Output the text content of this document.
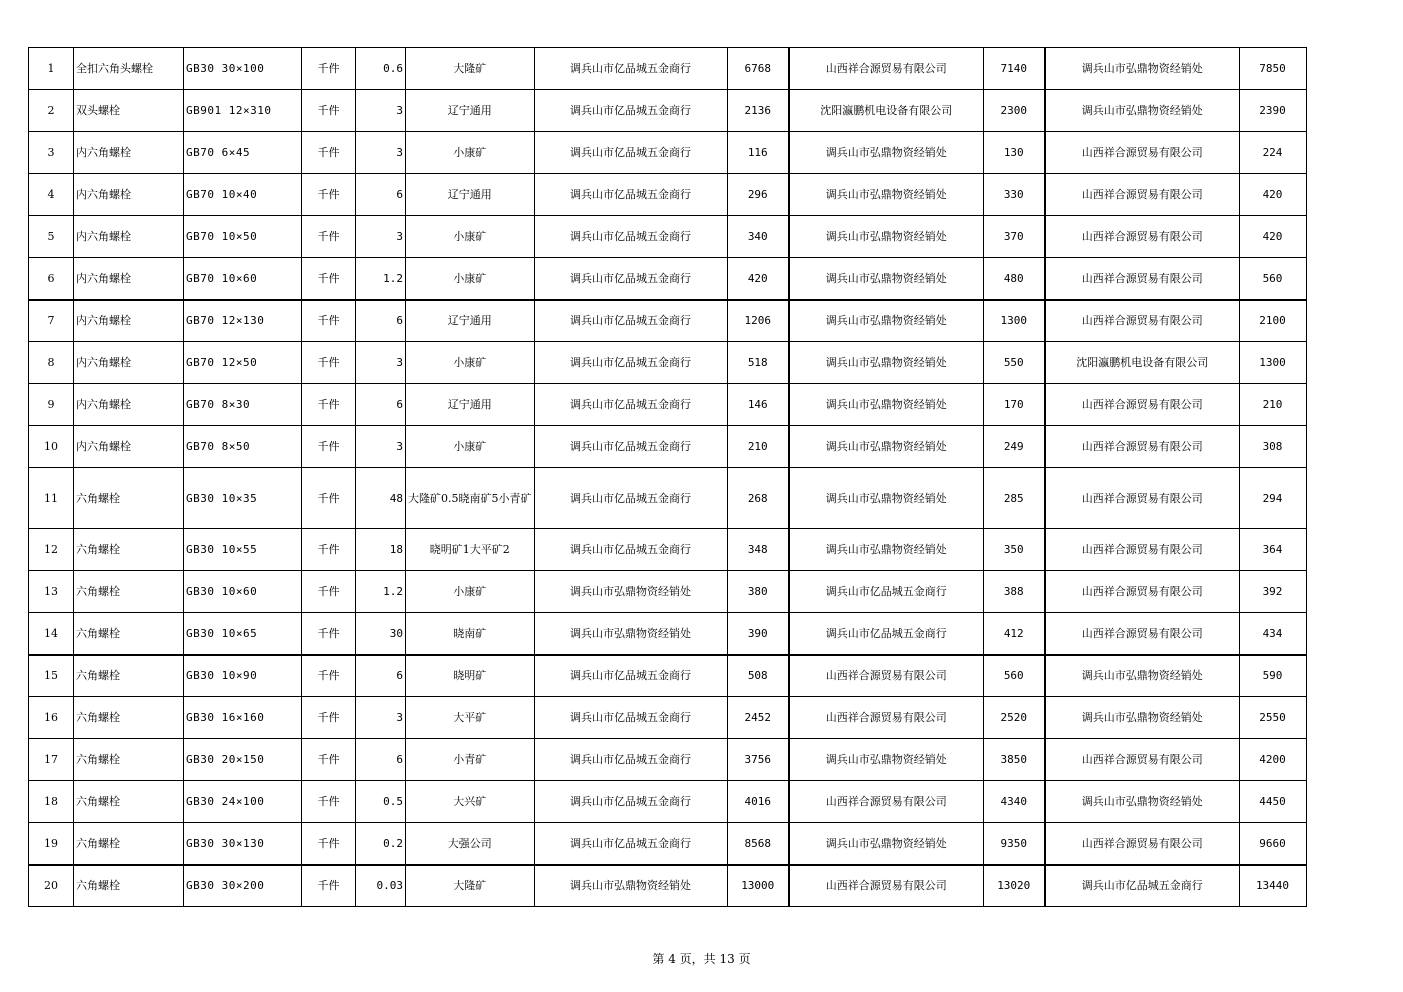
1	全扣六角头螺栓	GB30 30×100	千件	0.6	大隆矿	调兵山市亿品城五金商行	6768	山西祥合源贸易有限公司	7140	调兵山市弘鼎物资经销处	7850
2	双头螺栓	GB901 12×310	千件	3	辽宁通用	调兵山市亿品城五金商行	2136	沈阳瀛鹏机电设备有限公司	2300	调兵山市弘鼎物资经销处	2390
3	内六角螺栓	GB70 6×45	千件	3	小康矿	调兵山市亿品城五金商行	116	调兵山市弘鼎物资经销处	130	山西祥合源贸易有限公司	224
4	内六角螺栓	GB70 10×40	千件	6	辽宁通用	调兵山市亿品城五金商行	296	调兵山市弘鼎物资经销处	330	山西祥合源贸易有限公司	420
5	内六角螺栓	GB70 10×50	千件	3	小康矿	调兵山市亿品城五金商行	340	调兵山市弘鼎物资经销处	370	山西祥合源贸易有限公司	420
6	内六角螺栓	GB70 10×60	千件	1.2	小康矿	调兵山市亿品城五金商行	420	调兵山市弘鼎物资经销处	480	山西祥合源贸易有限公司	560
7	内六角螺栓	GB70 12×130	千件	6	辽宁通用	调兵山市亿品城五金商行	1206	调兵山市弘鼎物资经销处	1300	山西祥合源贸易有限公司	2100
8	内六角螺栓	GB70 12×50	千件	3	小康矿	调兵山市亿品城五金商行	518	调兵山市弘鼎物资经销处	550	沈阳瀛鹏机电设备有限公司	1300
9	内六角螺栓	GB70 8×30	千件	6	辽宁通用	调兵山市亿品城五金商行	146	调兵山市弘鼎物资经销处	170	山西祥合源贸易有限公司	210
10	内六角螺栓	GB70 8×50	千件	3	小康矿	调兵山市亿品城五金商行	210	调兵山市弘鼎物资经销处	249	山西祥合源贸易有限公司	308
11	六角螺栓	GB30 10×35	千件	48	大隆矿0.5晓南矿5小青矿	调兵山市亿品城五金商行	268	调兵山市弘鼎物资经销处	285	山西祥合源贸易有限公司	294
12	六角螺栓	GB30 10×55	千件	18	晓明矿1大平矿2	调兵山市亿品城五金商行	348	调兵山市弘鼎物资经销处	350	山西祥合源贸易有限公司	364
13	六角螺栓	GB30 10×60	千件	1.2	小康矿	调兵山市弘鼎物资经销处	380	调兵山市亿品城五金商行	388	山西祥合源贸易有限公司	392
14	六角螺栓	GB30 10×65	千件	30	晓南矿	调兵山市弘鼎物资经销处	390	调兵山市亿品城五金商行	412	山西祥合源贸易有限公司	434
15	六角螺栓	GB30 10×90	千件	6	晓明矿	调兵山市亿品城五金商行	508	山西祥合源贸易有限公司	560	调兵山市弘鼎物资经销处	590
16	六角螺栓	GB30 16×160	千件	3	大平矿	调兵山市亿品城五金商行	2452	山西祥合源贸易有限公司	2520	调兵山市弘鼎物资经销处	2550
17	六角螺栓	GB30 20×150	千件	6	小青矿	调兵山市亿品城五金商行	3756	调兵山市弘鼎物资经销处	3850	山西祥合源贸易有限公司	4200
18	六角螺栓	GB30 24×100	千件	0.5	大兴矿	调兵山市亿品城五金商行	4016	山西祥合源贸易有限公司	4340	调兵山市弘鼎物资经销处	4450
19	六角螺栓	GB30 30×130	千件	0.2	大强公司	调兵山市亿品城五金商行	8568	调兵山市弘鼎物资经销处	9350	山西祥合源贸易有限公司	9660
20	六角螺栓	GB30 30×200	千件	0.03	大隆矿	调兵山市弘鼎物资经销处	13000	山西祥合源贸易有限公司	13020	调兵山市亿品城五金商行	13440
第 4 页，共 13 页
